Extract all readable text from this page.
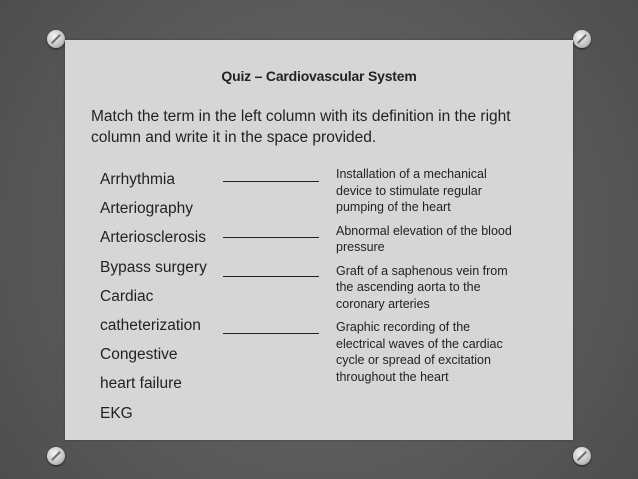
Quiz – Cardiovascular System
Match the term in the left column with its definition in the right column and write it in the space provided.
Arrhythmia
Arteriography
Arteriosclerosis
Bypass surgery
Cardiac
catheterization
Congestive
heart failure
EKG
Installation of a mechanical device to stimulate regular pumping of the heart
Abnormal elevation of the blood pressure
Graft of a saphenous vein from the ascending aorta to the coronary arteries
Graphic recording of the electrical waves of the cardiac cycle or spread of excitation throughout the heart
